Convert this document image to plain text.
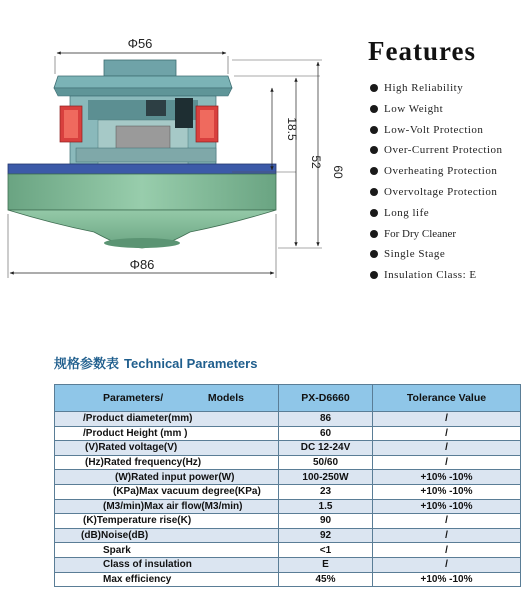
Φ56
18.5
52
60
Φ86
Features
High Reliability
Low Weight
Low-Volt Protection
Over-Current Protection
Overheating Protection
Overvoltage Protection
Long life
For Dry Cleaner
Single Stage
Insulation Class: E
规格参数表 Technical Parameters
Parameters/ Models	PX-D6660	Tolerance Value
/Product diameter(mm)	86	/
/Product Height (mm )	60	/
(V)Rated voltage(V)	DC 12-24V	/
(Hz)Rated frequency(Hz)	50/60	/
(W)Rated input power(W)	100-250W	+10% -10%
(KPa)Max vacuum degree(KPa)	23	+10% -10%
(M3/min)Max air flow(M3/min)	1.5	+10% -10%
(K)Temperature rise(K)	90	/
(dB)Noise(dB)	92	/
Spark	<1	/
Class of insulation	E	/
Max efficiency	45%	+10% -10%
